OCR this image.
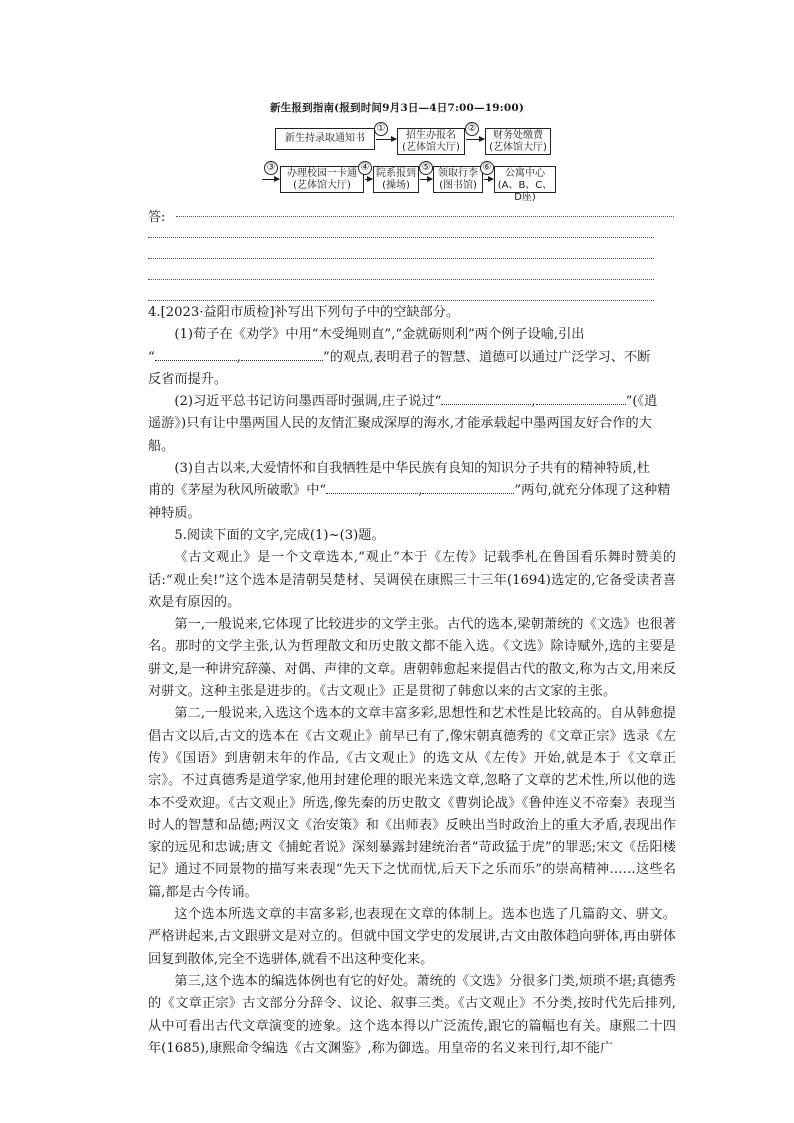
新生报到指南(报到时间9月3日—4日7:00—19:00)
新生持录取通知书
①
招生办报名
(艺体馆大厅)
②
财务处缴费
(艺体馆大厅)
③
办理校园一卡通
(艺体馆大厅)
④
院系报到
(操场)
⑤
领取行李
(图书馆)
⑥
公寓中心
(A、B、C、D座)
答:

4.[2023·益阳市质检]补写出下列句子中的空缺部分。

(1)荀子在《劝学》中用“木受绳则直”,“金就砺则利”两个例子设喻,引出

“	,	”的观点,表明君子的智慧、道德可以通过广泛学习、不断

反省而提升。

(2)习近平总书记访问墨西哥时强调,庄子说过“	,	”(《逍

遥游》)只有让中墨两国人民的友情汇聚成深厚的海水,才能承载起中墨两国友好合作的大

船。

(3)自古以来,大爱情怀和自我牺牲是中华民族有良知的知识分子共有的精神特质,杜

甫的《茅屋为秋风所破歌》中“	,	”两句,就充分体现了这种精

神特质。

5.阅读下面的文字,完成(1)~(3)题。

《古文观止》是一个文章选本,“观止”本于《左传》记载季札在鲁国看乐舞时赞美的话:“观止矣!”这个选本是清朝吴楚材、吴调侯在康熙三十三年(1694)选定的,它备受读者喜欢是有原因的。

第一,一般说来,它体现了比较进步的文学主张。古代的选本,梁朝萧统的《文选》也很著名。那时的文学主张,认为哲理散文和历史散文都不能入选。《文选》除诗赋外,选的主要是骈文,是一种讲究辞藻、对偶、声律的文章。唐朝韩愈起来提倡古代的散文,称为古文,用来反对骈文。这种主张是进步的。《古文观止》正是贯彻了韩愈以来的古文家的主张。

第二,一般说来,入选这个选本的文章丰富多彩,思想性和艺术性是比较高的。自从韩愈提倡古文以后,古文的选本在《古文观止》前早已有了,像宋朝真德秀的《文章正宗》选录《左传》《国语》到唐朝末年的作品,《古文观止》的选文从《左传》开始,就是本于《文章正宗》。不过真德秀是道学家,他用封建伦理的眼光来选文章,忽略了文章的艺术性,所以他的选本不受欢迎。《古文观止》所选,像先秦的历史散文《曹刿论战》《鲁仲连义不帝秦》表现当时人的智慧和品德;两汉文《治安策》和《出师表》反映出当时政治上的重大矛盾,表现出作家的远见和忠诚;唐文《捕蛇者说》深刻暴露封建统治者“苛政猛于虎”的罪恶;宋文《岳阳楼记》通过不同景物的描写来表现“先天下之忧而忧,后天下之乐而乐”的崇高精神……这些名篇,都是古今传诵。

这个选本所选文章的丰富多彩,也表现在文章的体制上。选本也选了几篇韵文、骈文。严格讲起来,古文跟骈文是对立的。但就中国文学史的发展讲,古文由散体趋向骈体,再由骈体回复到散体,完全不选骈体,就看不出这种变化来。

第三,这个选本的编选体例也有它的好处。萧统的《文选》分很多门类,烦琐不堪;真德秀的《文章正宗》古文部分分辞令、议论、叙事三类。《古文观止》不分类,按时代先后排列,从中可看出古代文章演变的迹象。这个选本得以广泛流传,跟它的篇幅也有关。康熙二十四年(1685),康熙命令编选《古文渊鉴》,称为御选。用皇帝的名义来刊行,却不能广
